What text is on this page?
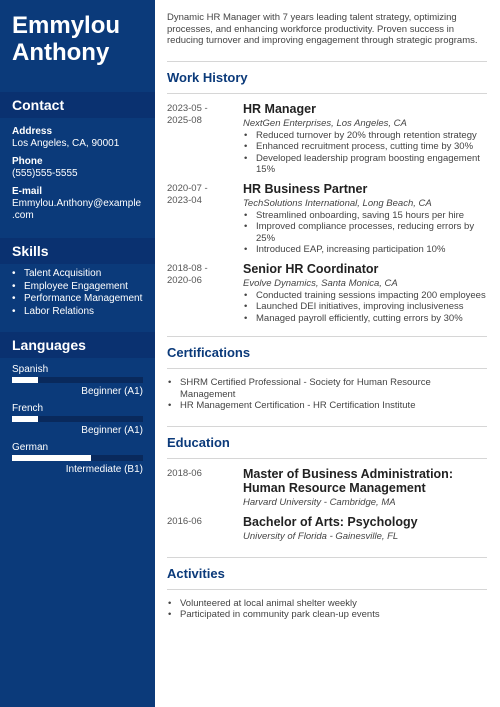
Emmylou
Anthony
Contact
Address
Los Angeles, CA, 90001
Phone
(555)555-5555
E-mail
Emmylou.Anthony@example
.com
Skills
• Talent Acquisition
• Employee Engagement
• Performance Management
• Labor Relations
Languages
Spanish
Beginner (A1)
French
Beginner (A1)
German
Intermediate (B1)
Dynamic HR Manager with 7 years leading talent strategy, optimizing processes, and enhancing workforce productivity. Proven success in reducing turnover and improving engagement through strategic programs.
Work History
2023-05 -
2025-08
HR Manager
NextGen Enterprises, Los Angeles, CA
• Reduced turnover by 20% through retention strategy
• Enhanced recruitment process, cutting time by 30%
• Developed leadership program boosting engagement 15%
2020-07 -
2023-04
HR Business Partner
TechSolutions International, Long Beach, CA
• Streamlined onboarding, saving 15 hours per hire
• Improved compliance processes, reducing errors by 25%
• Introduced EAP, increasing participation 10%
2018-08 -
2020-06
Senior HR Coordinator
Evolve Dynamics, Santa Monica, CA
• Conducted training sessions impacting 200 employees
• Launched DEI initiatives, improving inclusiveness
• Managed payroll efficiently, cutting errors by 30%
Certifications
• SHRM Certified Professional - Society for Human Resource Management
• HR Management Certification - HR Certification Institute
Education
2018-06	Master of Business Administration: Human Resource Management
Harvard University - Cambridge, MA
2016-06	Bachelor of Arts: Psychology
University of Florida - Gainesville, FL
Activities
• Volunteered at local animal shelter weekly
• Participated in community park clean-up events
